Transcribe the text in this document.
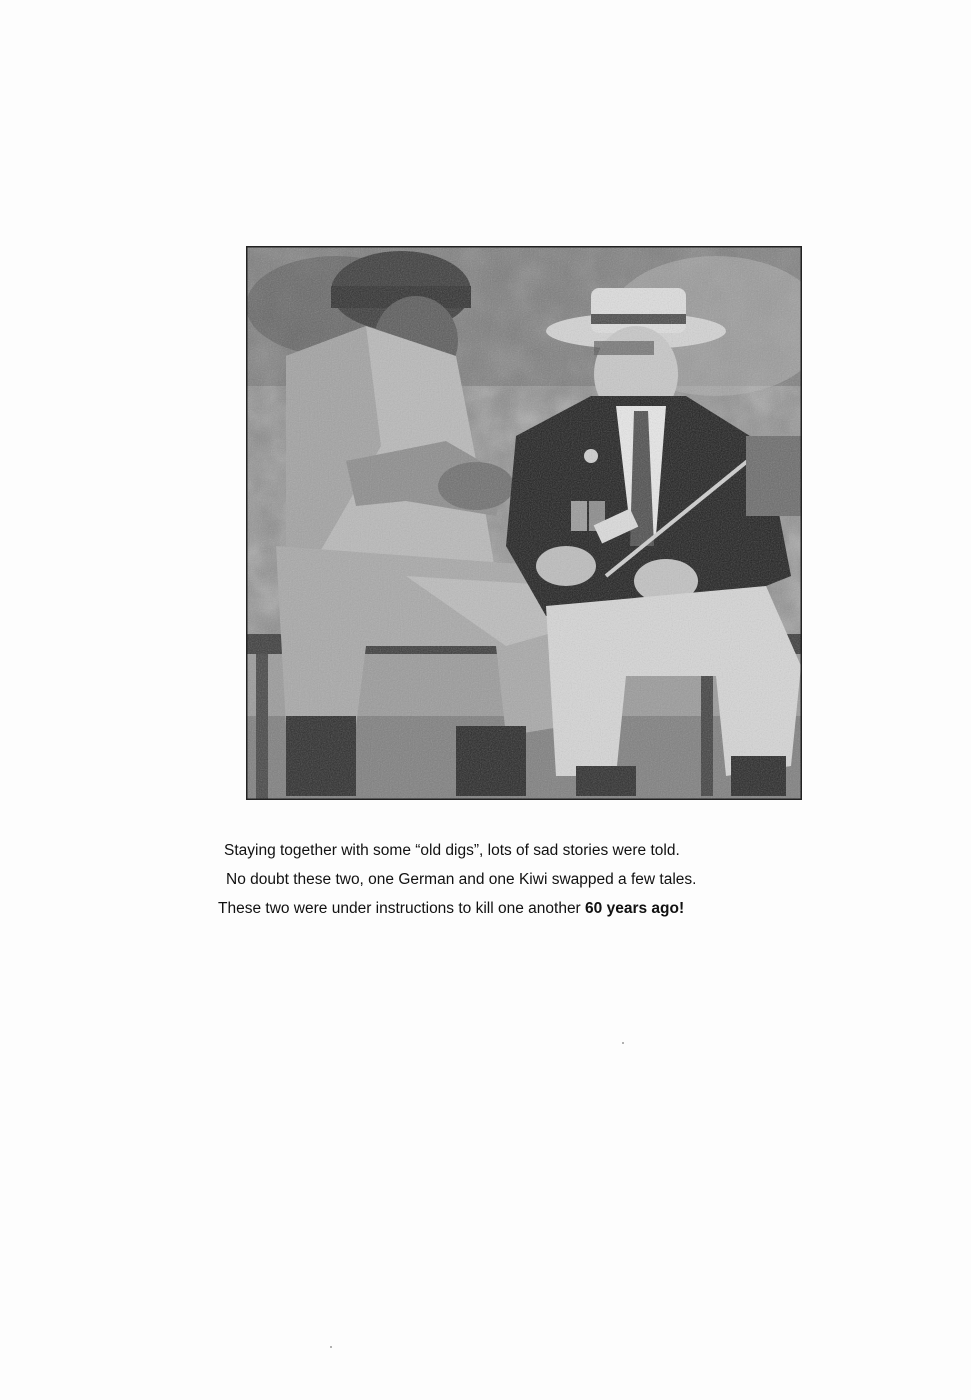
Staying together with some “old digs”, lots of sad stories were told.
No doubt these two, one German and one Kiwi swapped a few tales.
These two were under instructions to kill one another 60 years ago!
